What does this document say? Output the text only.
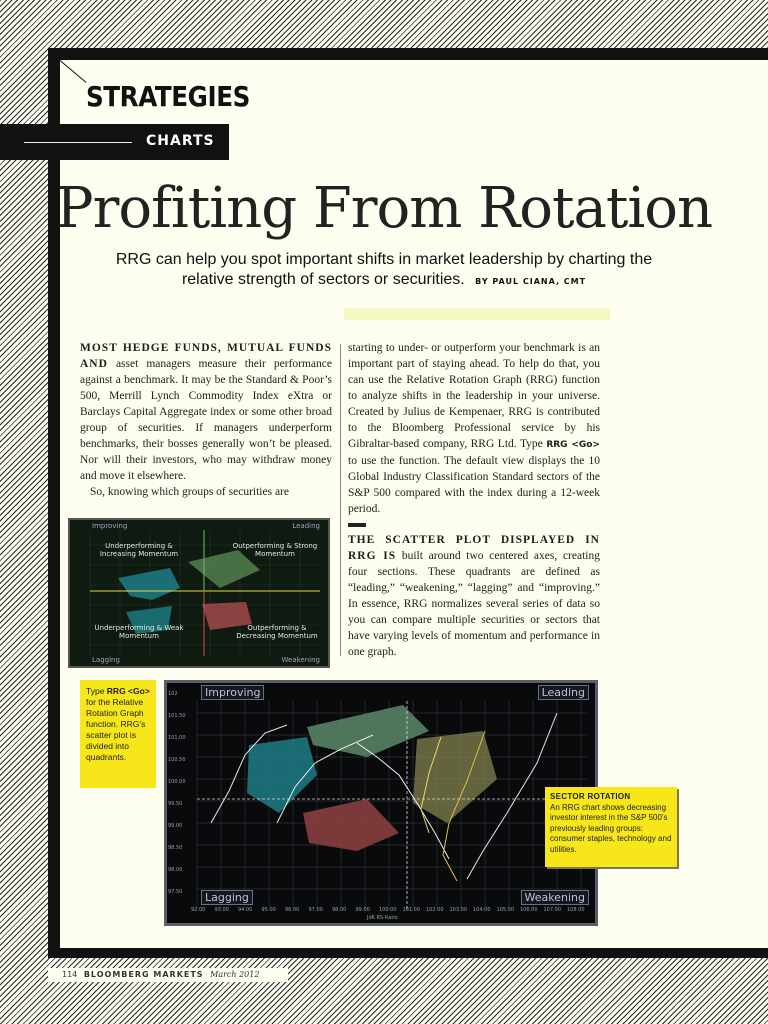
STRATEGIES
CHARTS
Profiting From Rotation
RRG can help you spot important shifts in market leadership by charting the relative strength of sectors or securities. BY PAUL CIANA, CMT

MOST HEDGE FUNDS, MUTUAL FUNDS AND asset managers measure their performance against a benchmark. It may be the Standard & Poor’s 500, Merrill Lynch Commodity Index eXtra or Barclays Capital Aggregate index or some other broad group of securities. If managers underperform benchmarks, their bosses generally won’t be pleased. Nor will their investors, who may withdraw money and move it elsewhere.

So, knowing which groups of securities are

starting to under- or outperform your benchmark is an important part of staying ahead. To help do that, you can use the Relative Rotation Graph (RRG) function to analyze shifts in the leadership in your universe. Created by Julius de Kempenaer, RRG is contributed to the Bloomberg Professional service by his Gibraltar-based company, RRG Ltd. Type RRG <Go> to use the function. The default view displays the 10 Global Industry Classification Standard sectors of the S&P 500 compared with the index during a 12-week period.

THE SCATTER PLOT DISPLAYED IN RRG IS built around two centered axes, creating four sections. These quadrants are defined as “leading,” “weakening,” “lagging” and “improving.” In essence, RRG normalizes several series of data so you can compare multiple securities or sectors that have varying levels of momentum and performance in one graph.

Improving	Leading
Lagging	Weakening
Underperforming & Increasing Momentum
Outperforming & Strong Momentum
Underperforming & Weak Momentum
Outperforming & Decreasing Momentum
Type RRG <Go> for the Relative Rotation Graph function. RRG’s scatter plot is divided into quadrants.
Improving	Leading
Lagging	Weakening
JdK RS-Ratio
102
101.50
101.00
100.50
100.00
99.50
99.00
98.50
98.00
97.50
92.00 93.00 94.00 95.00 96.00 97.00 98.00 99.00 100.00 101.00 102.00 103.00 104.00 105.00 106.00 107.00 108.00
SECTOR ROTATION
An RRG chart shows decreasing investor interest in the S&P 500’s previously leading groups: consumer staples, technology and utilities.
114 BLOOMBERG MARKETS March 2012
